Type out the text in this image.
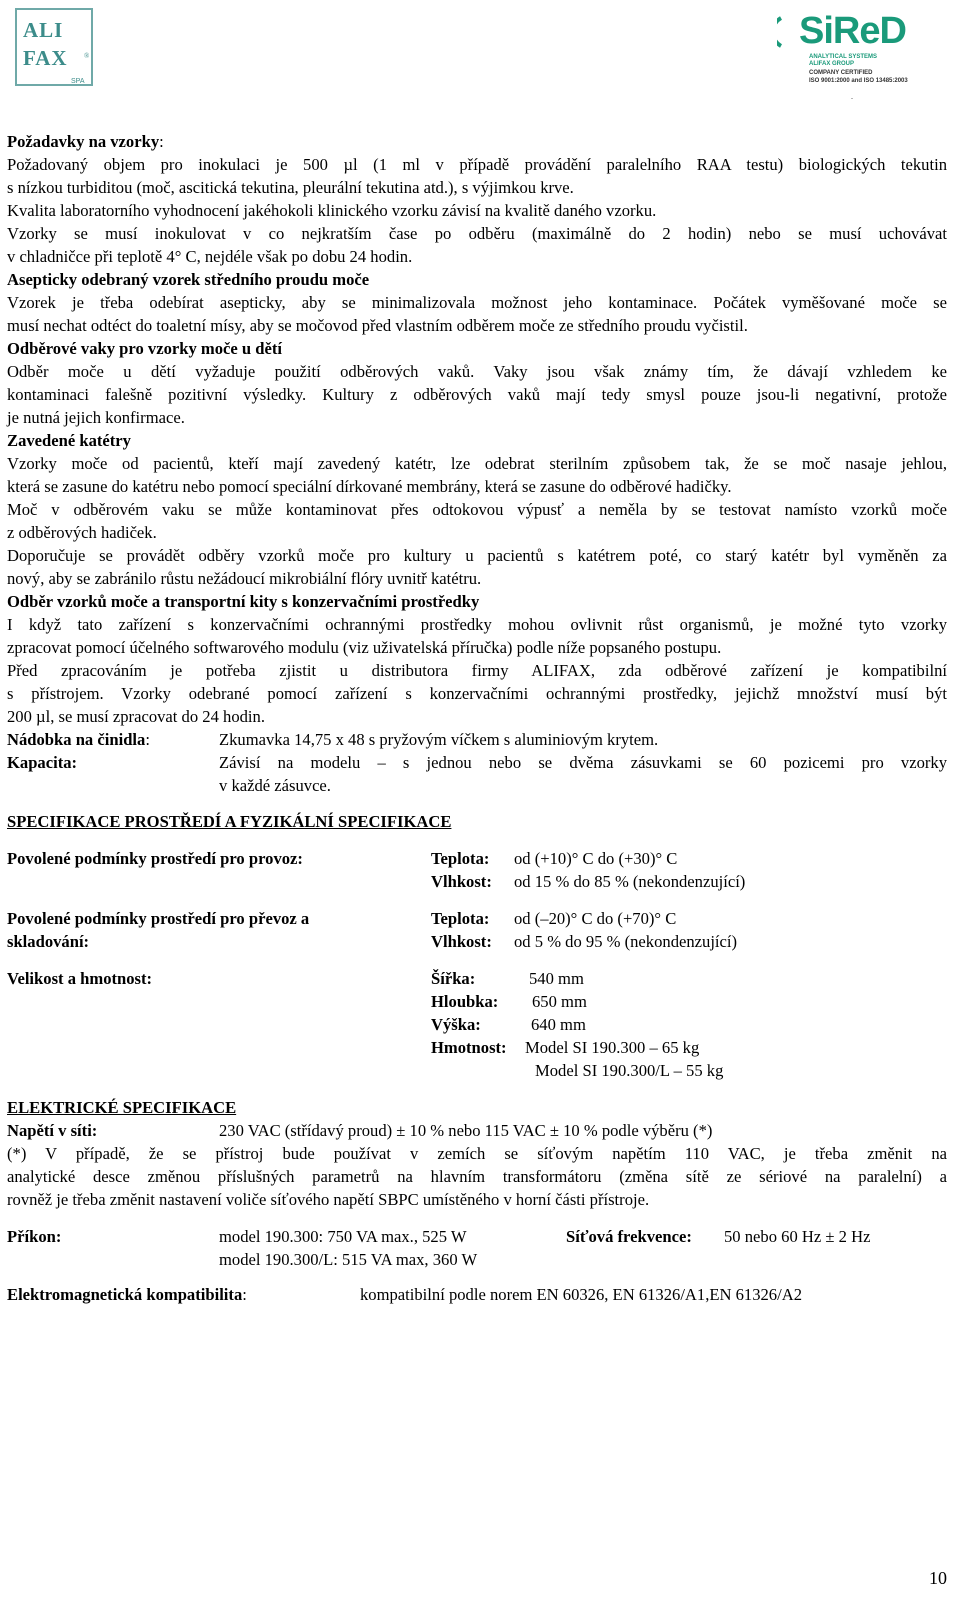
ALI
FAX ®
SPA
SiReD
ANALYTICAL SYSTEMS
ALIFAX GROUP
COMPANY CERTIFIED
ISO 9001:2000 and ISO 13485:2003
.
Požadavky na vzorky:
Požadovaný objem pro inokulaci je 500 µl (1 ml v případě provádění paralelního RAA testu) biologických tekutin
s nízkou turbiditou (moč, ascitická tekutina, pleurální tekutina atd.), s výjimkou krve.
Kvalita laboratorního vyhodnocení jakéhokoli klinického vzorku závisí na kvalitě daného vzorku.
Vzorky se musí inokulovat v co nejkratším čase po odběru (maximálně do 2 hodin) nebo se musí uchovávat
v chladničce při teplotě 4° C, nejdéle však po dobu 24 hodin.
Asepticky odebraný vzorek středního proudu moče
Vzorek je třeba odebírat asepticky, aby se minimalizovala možnost jeho kontaminace. Počátek vyměšované moče se
musí nechat odtéct do toaletní mísy, aby se močovod před vlastním odběrem moče ze středního proudu vyčistil.
Odběrové vaky pro vzorky moče u dětí
Odběr moče u dětí vyžaduje použití odběrových vaků. Vaky jsou však známy tím, že dávají vzhledem ke
kontaminaci falešně pozitivní výsledky. Kultury z odběrových vaků mají tedy smysl pouze jsou-li negativní, protože
je nutná jejich konfirmace.
Zavedené katétry
Vzorky moče od pacientů, kteří mají zavedený katétr, lze odebrat sterilním způsobem tak, že se moč nasaje jehlou,
která se zasune do katétru nebo pomocí speciální dírkované membrány, která se zasune do odběrové hadičky.
Moč v odběrovém vaku se může kontaminovat přes odtokovou výpusť a neměla by se testovat namísto vzorků moče
z odběrových hadiček.
Doporučuje se provádět odběry vzorků moče pro kultury u pacientů s katétrem poté, co starý katétr byl vyměněn za
nový, aby se zabránilo růstu nežádoucí mikrobiální flóry uvnitř katétru.
Odběr vzorků moče a transportní kity s konzervačními prostředky
I když tato zařízení s konzervačními ochrannými prostředky mohou ovlivnit růst organismů, je možné tyto vzorky
zpracovat pomocí účelného softwarového modulu (viz uživatelská příručka) podle níže popsaného postupu.
Před zpracováním je potřeba zjistit u distributora firmy ALIFAX, zda odběrové zařízení je kompatibilní
s přístrojem. Vzorky odebrané pomocí zařízení s konzervačními ochrannými prostředky, jejichž množství musí být
200 µl, se musí zpracovat do 24 hodin.
Nádobka na činidla:	Zkumavka 14,75 x 48 s pryžovým víčkem s aluminiovým krytem.
Kapacita:	Závisí na modelu – s jednou nebo se dvěma zásuvkami se 60 pozicemi pro vzorky
v každé zásuvce.
SPECIFIKACE PROSTŘEDÍ A FYZIKÁLNÍ SPECIFIKACE
Povolené podmínky prostředí pro provoz:	Teplota: od (+10)° C do (+30)° C
Vlhkost: od 15 % do 85 % (nekondenzující)
Povolené podmínky prostředí pro převoz a
skladování:
Teplota: od (–20)° C do (+70)° C
Vlhkost: od 5 % do 95 % (nekondenzující)
Velikost a hmotnost:	Šířka:	540 mm
Hloubka: 650 mm
Výška:	640 mm
Hmotnost: Model SI 190.300 – 65 kg
Model SI 190.300/L – 55 kg
ELEKTRICKÉ SPECIFIKACE
Napětí v síti:	230 VAC (střídavý proud) ± 10 % nebo 115 VAC ± 10 % podle výběru (*)
(*) V případě, že se přístroj bude používat v zemích se síťovým napětím 110 VAC, je třeba změnit na
analytické desce změnou příslušných parametrů na hlavním transformátoru (změna sítě ze sériové na paralelní) a
rovněž je třeba změnit nastavení voliče síťového napětí SBPC umístěného v horní části přístroje.
Příkon:	model 190.300: 750 VA max., 525 W
model 190.300/L: 515 VA max, 360 W
Síťová frekvence: 50 nebo 60 Hz ± 2 Hz
Elektromagnetická kompatibilita:	kompatibilní podle norem EN 60326, EN 61326/A1,EN 61326/A2
10
